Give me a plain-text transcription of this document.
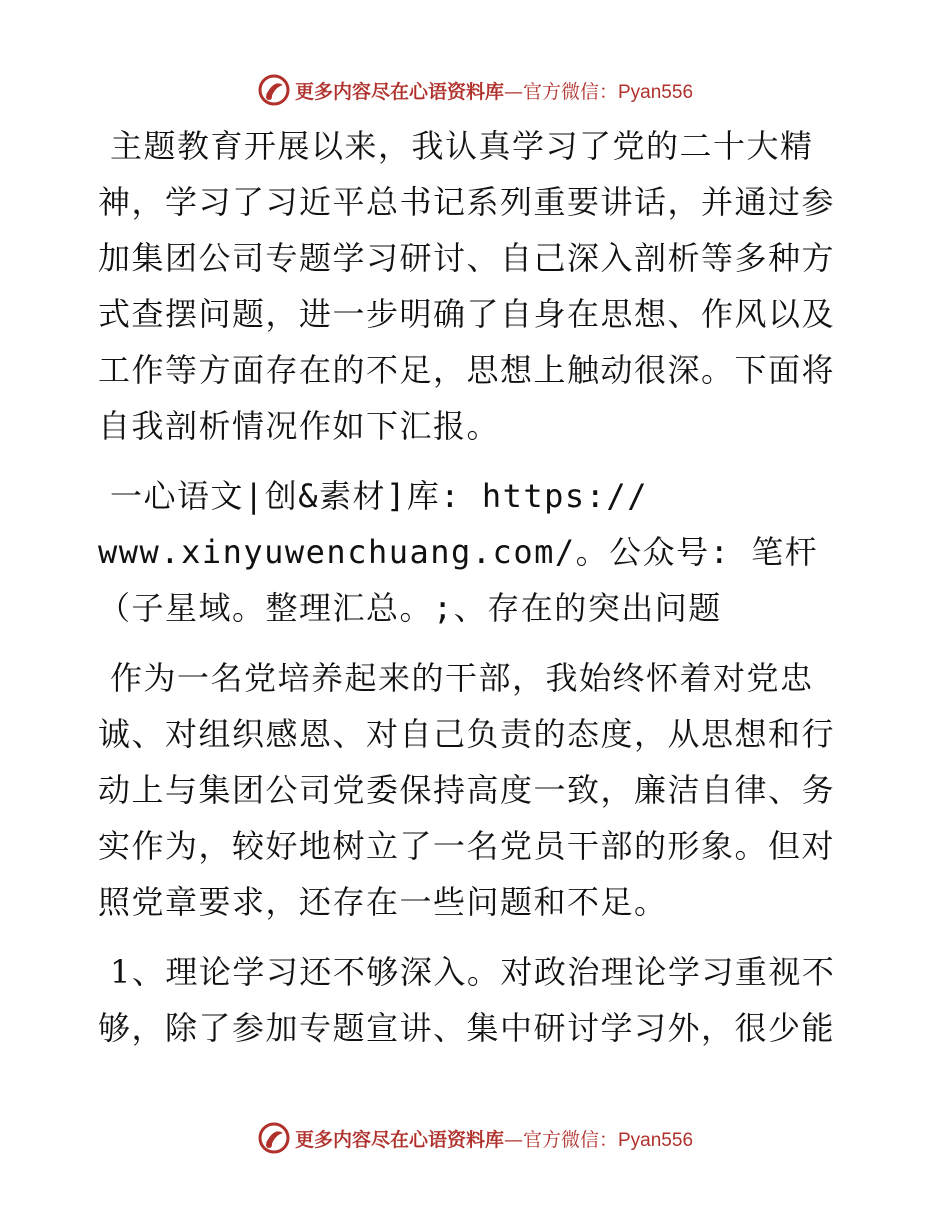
更多内容尽在心语资料库—官方微信：Pyan556

主题教育开展以来，我认真学习了党的二十大精神，学习了习近平总书记系列重要讲话，并通过参加集团公司专题学习研讨、自己深入剖析等多种方式查摆问题，进一步明确了自身在思想、作风以及工作等方面存在的不足，思想上触动很深。下面将自我剖析情况作如下汇报。

一心语文|创&素材]库: https://
www.xinyuwenchuang.com/。公众号: 笔杆（子星域。整理汇总。;、存在的突出问题

作为一名党培养起来的干部，我始终怀着对党忠诚、对组织感恩、对自己负责的态度，从思想和行动上与集团公司党委保持高度一致，廉洁自律、务实作为，较好地树立了一名党员干部的形象。但对照党章要求，还存在一些问题和不足。

1、理论学习还不够深入。对政治理论学习重视不够，除了参加专题宣讲、集中研讨学习外，很少能

更多内容尽在心语资料库—官方微信：Pyan556
